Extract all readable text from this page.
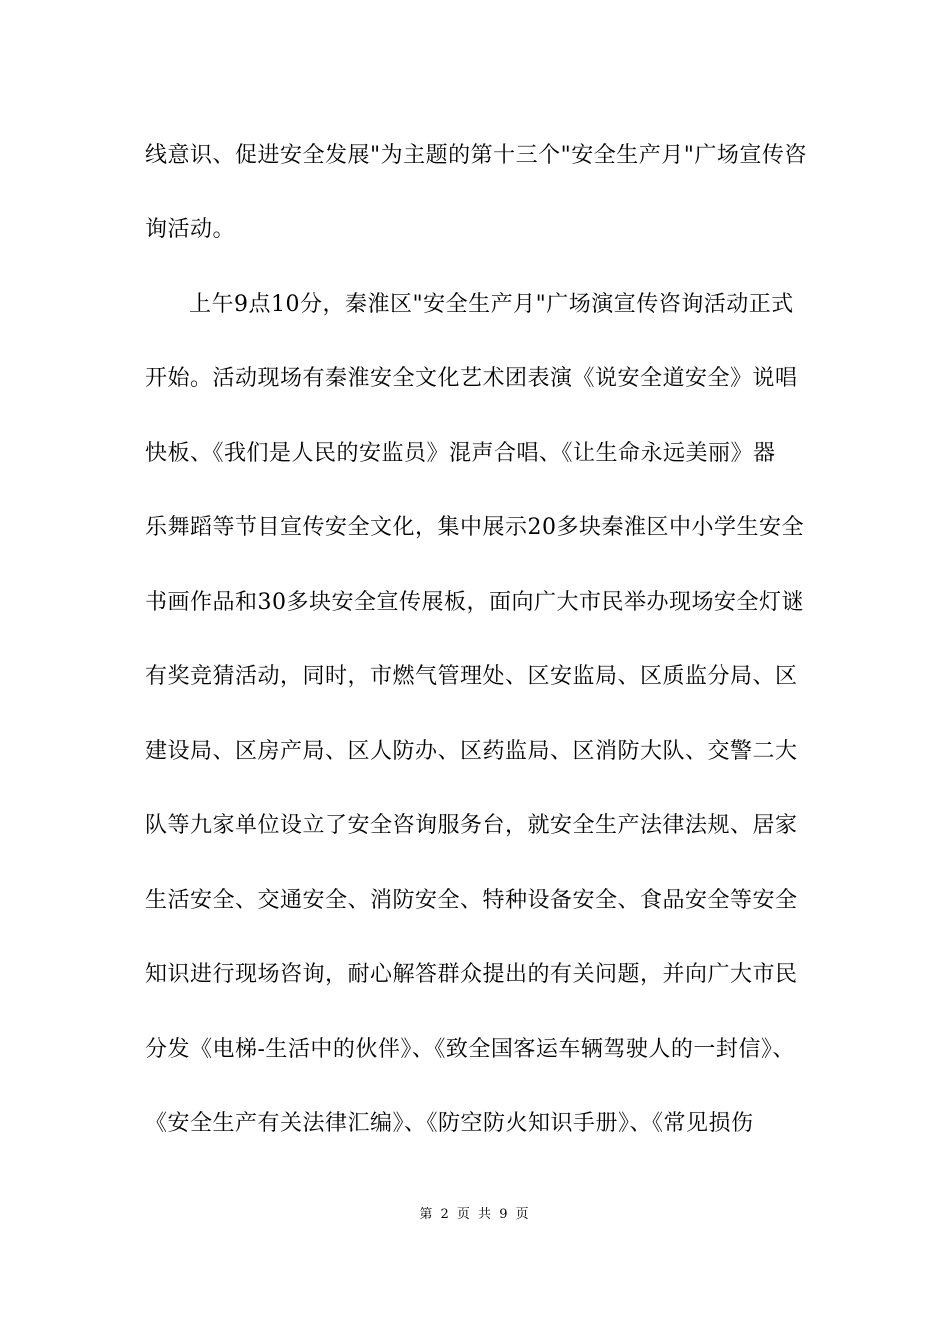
线意识、促进安全发展"为主题的第十三个"安全生产月"广场宣传咨
询活动。
上午9点10分，秦淮区"安全生产月"广场演宣传咨询活动正式
开始。活动现场有秦淮安全文化艺术团表演《说安全道安全》说唱
快板、《我们是人民的安监员》混声合唱、《让生命永远美丽》器
乐舞蹈等节目宣传安全文化，集中展示20多块秦淮区中小学生安全
书画作品和30多块安全宣传展板，面向广大市民举办现场安全灯谜
有奖竞猜活动，同时，市燃气管理处、区安监局、区质监分局、区
建设局、区房产局、区人防办、区药监局、区消防大队、交警二大
队等九家单位设立了安全咨询服务台，就安全生产法律法规、居家
生活安全、交通安全、消防安全、特种设备安全、食品安全等安全
知识进行现场咨询，耐心解答群众提出的有关问题，并向广大市民
分发《电梯-生活中的伙伴》、《致全国客运车辆驾驶人的一封信》、
《安全生产有关法律汇编》、《防空防火知识手册》、《常见损伤
第 2 页 共 9 页
